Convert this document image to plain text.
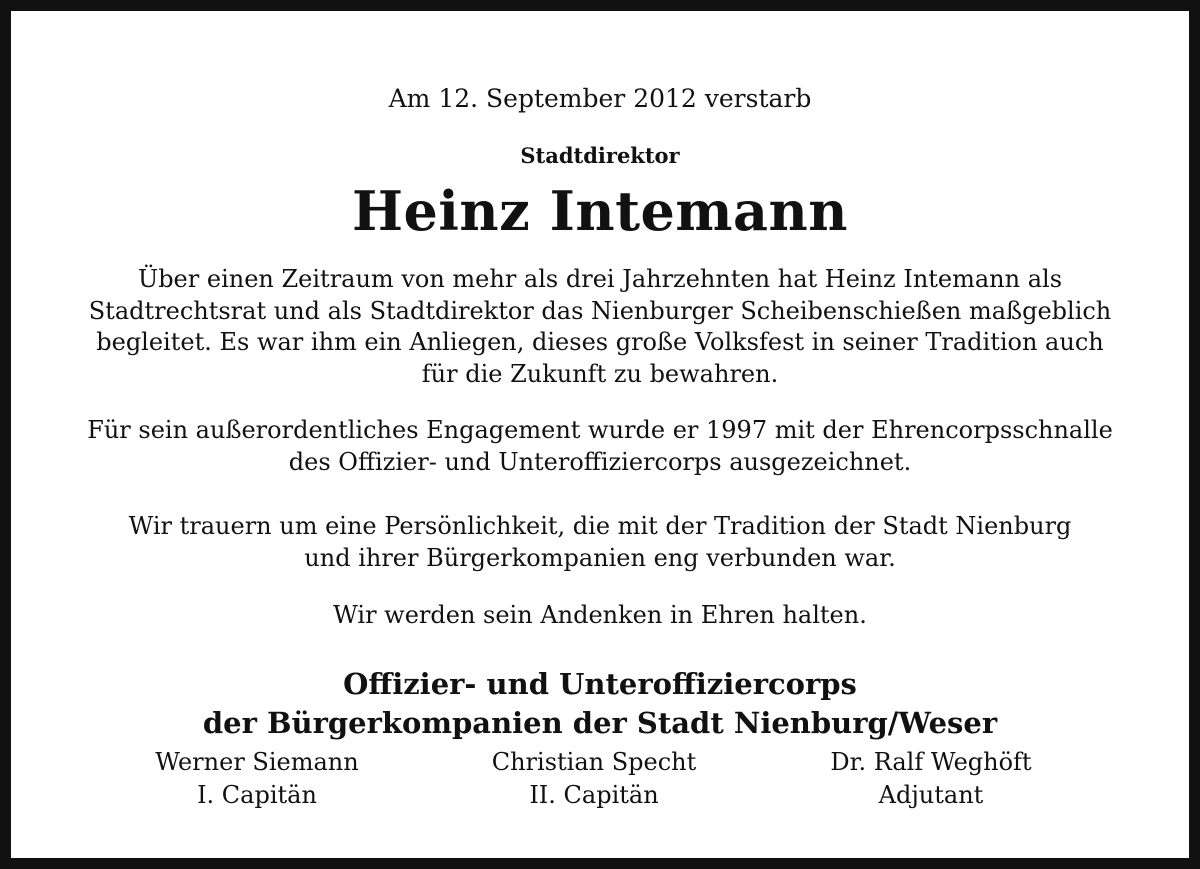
Am 12. September 2012 verstarb
Stadtdirektor
Heinz Intemann
Über einen Zeitraum von mehr als drei Jahrzehnten hat Heinz Intemann als
Stadtrechtsrat und als Stadtdirektor das Nienburger Scheibenschießen maßgeblich
begleitet. Es war ihm ein Anliegen, dieses große Volksfest in seiner Tradition auch
für die Zukunft zu bewahren.
Für sein außerordentliches Engagement wurde er 1997 mit der Ehrencorpsschnalle
des Offizier- und Unteroffiziercorps ausgezeichnet.
Wir trauern um eine Persönlichkeit, die mit der Tradition der Stadt Nienburg
und ihrer Bürgerkompanien eng verbunden war.
Wir werden sein Andenken in Ehren halten.
Offizier- und Unteroffiziercorps
der Bürgerkompanien der Stadt Nienburg/Weser
Werner Siemann
I. Capitän
Christian Specht
II. Capitän
Dr. Ralf Weghöft
Adjutant
